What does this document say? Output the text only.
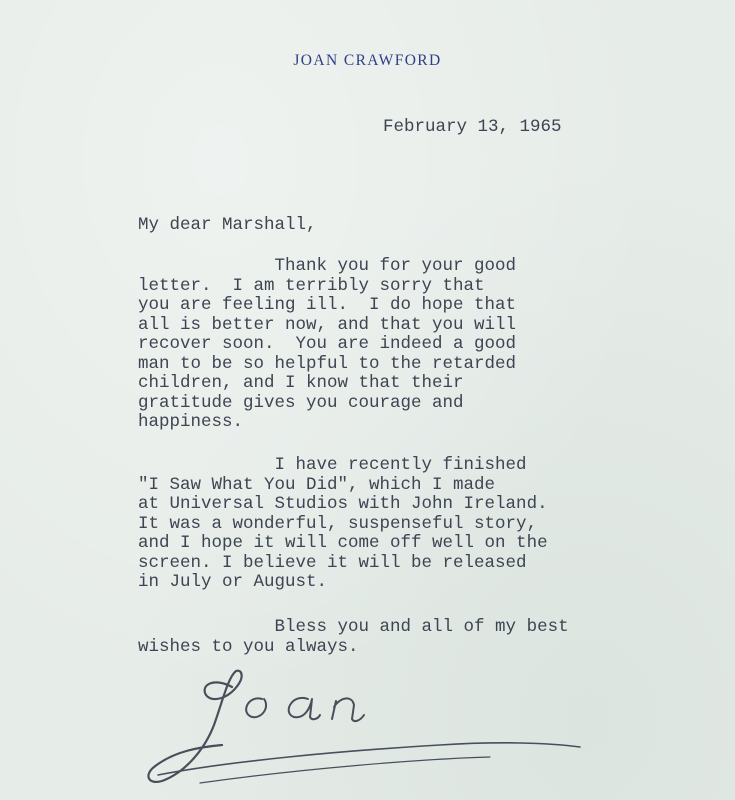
JOAN CRAWFORD
February 13, 1965
My dear Marshall,

Thank you for your good
letter.  I am terribly sorry that
you are feeling ill.  I do hope that
all is better now, and that you will
recover soon.  You are indeed a good
man to be so helpful to the retarded
children, and I know that their
gratitude gives you courage and
happiness.

I have recently finished
"I Saw What You Did", which I made
at Universal Studios with John Ireland.
It was a wonderful, suspenseful story,
and I hope it will come off well on the
screen. I believe it will be released
in July or August.

Bless you and all of my best
wishes to you always.
